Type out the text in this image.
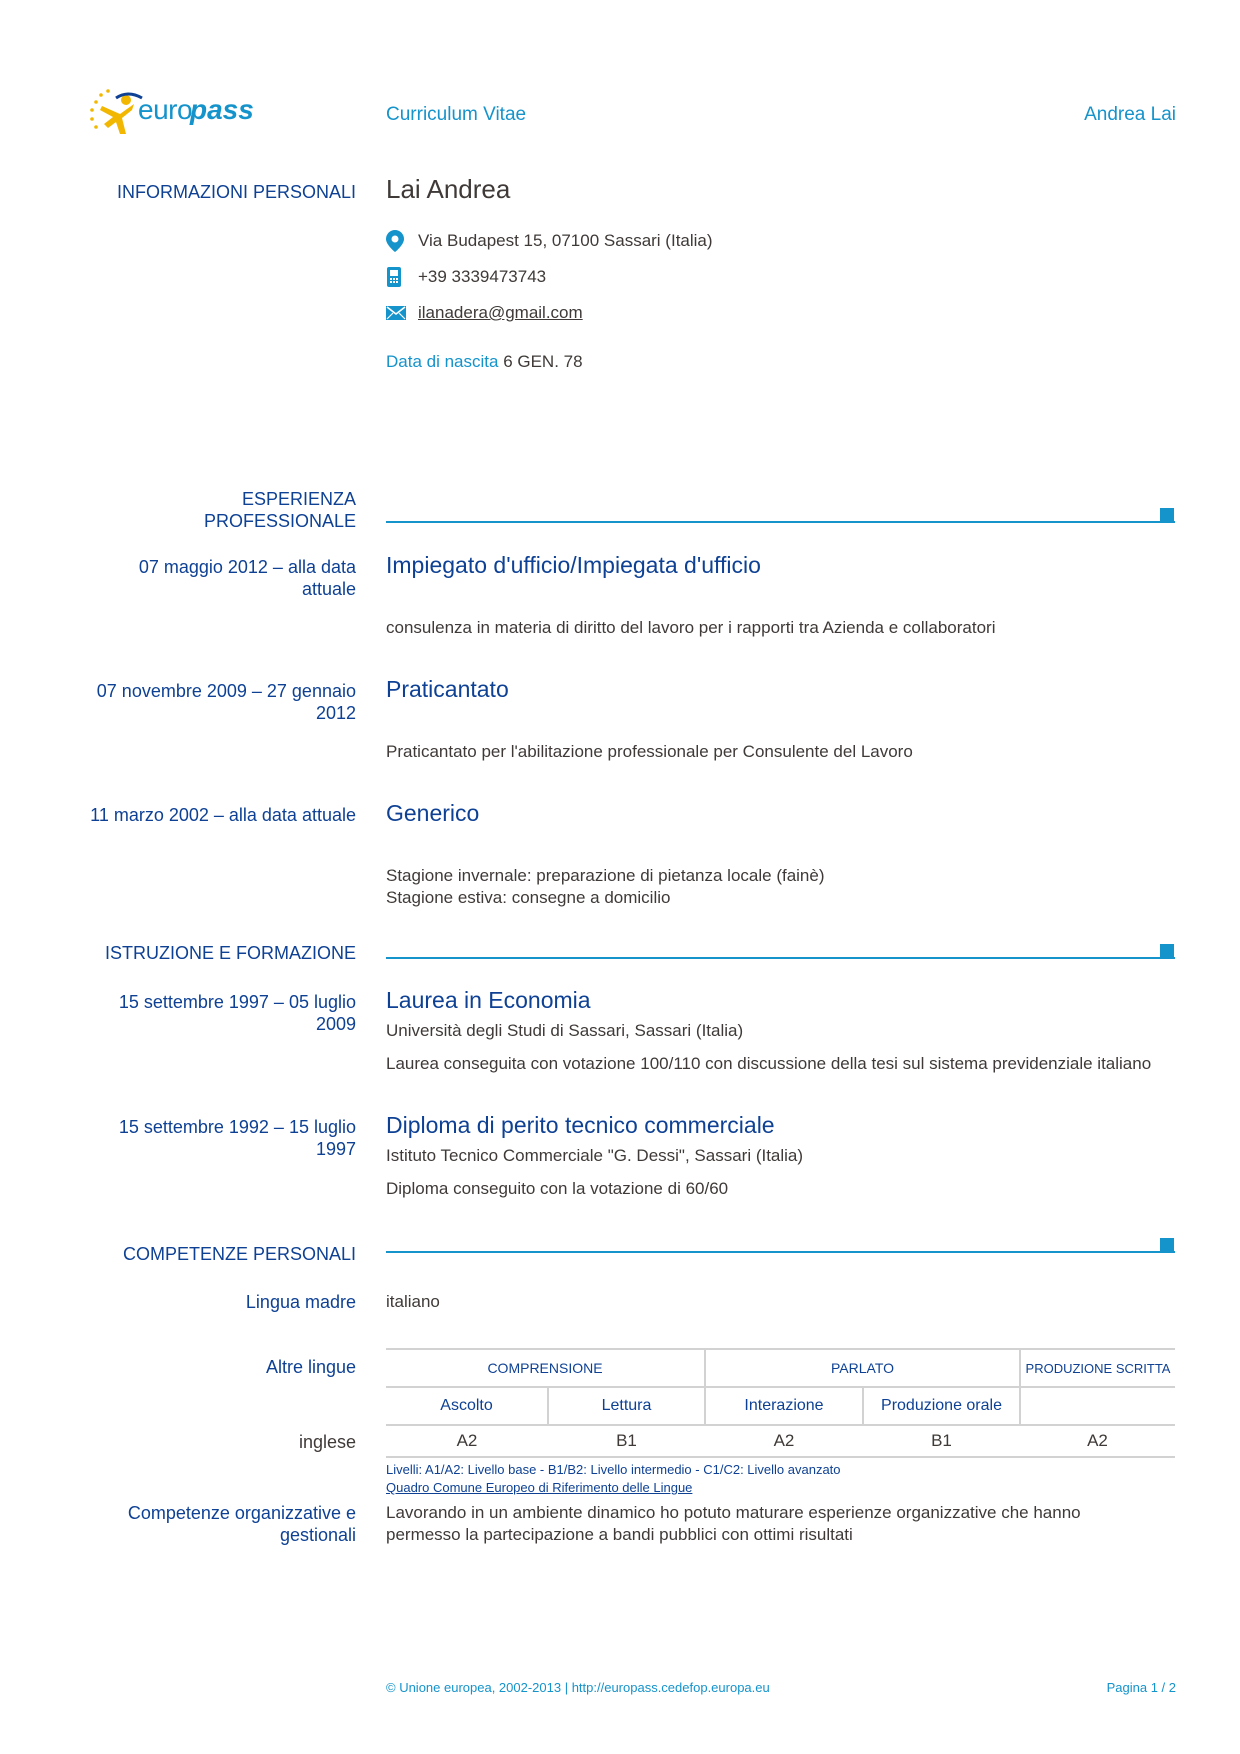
euro
pass	Curriculum Vitae	Andrea Lai
INFORMAZIONI PERSONALI Lai Andrea
Via Budapest 15, 07100 Sassari (Italia)
+39 3339473743
ilanadera@gmail.com
Data di nascita 6 GEN. 78
ESPERIENZA
PROFESSIONALE
07 maggio 2012 – alla data
attuale
Impiegato d'ufficio/Impiegata d'ufficio
consulenza in materia di diritto del lavoro per i rapporti tra Azienda e collaboratori
07 novembre 2009 – 27 gennaio
2012
Praticantato
Praticantato per l'abilitazione professionale per Consulente del Lavoro
11 marzo 2002 – alla data attuale Generico
Stagione invernale: preparazione di pietanza locale (fainè)
Stagione estiva: consegne a domicilio
ISTRUZIONE E FORMAZIONE
15 settembre 1997 – 05 luglio
2009
Laurea in Economia
Università degli Studi di Sassari, Sassari (Italia)
Laurea conseguita con votazione 100/110 con discussione della tesi sul sistema previdenziale italiano
15 settembre 1992 – 15 luglio
1997
Diploma di perito tecnico commerciale
Istituto Tecnico Commerciale "G. Dessi", Sassari (Italia)
Diploma conseguito con la votazione di 60/60
COMPETENZE PERSONALI
Lingua madre italiano
Altre lingue	COMPRENSIONE		PARLATO		PRODUZIONE SCRITTA
Ascolto	Lettura	Interazione	Produzione orale	
A2	B1	A2	B1	A2
inglese
Livelli: A1/A2: Livello base - B1/B2: Livello intermedio - C1/C2: Livello avanzato
Quadro Comune Europeo di Riferimento delle Lingue
Competenze organizzative e
gestionali
Lavorando in un ambiente dinamico ho potuto maturare esperienze organizzative che hanno
permesso la partecipazione a bandi pubblici con ottimi risultati
© Unione europea, 2002-2013 | http://europass.cedefop.europa.eu	Pagina 1 / 2
